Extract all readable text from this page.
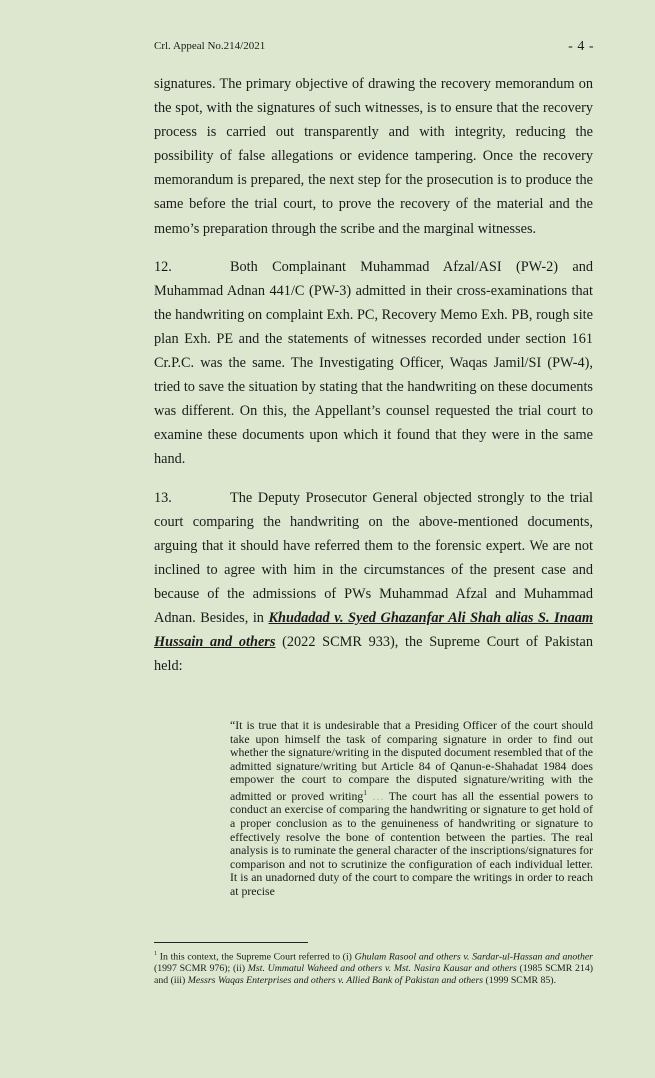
Crl. Appeal No.214/2021	- 4 -

signatures. The primary objective of drawing the recovery memorandum on the spot, with the signatures of such witnesses, is to ensure that the recovery process is carried out transparently and with integrity, reducing the possibility of false allegations or evidence tampering. Once the recovery memorandum is prepared, the next step for the prosecution is to produce the same before the trial court, to prove the recovery of the material and the memo’s preparation through the scribe and the marginal witnesses.

12.	Both Complainant Muhammad Afzal/ASI (PW-2) and Muhammad Adnan 441/C (PW-3) admitted in their cross-examinations that the handwriting on complaint Exh. PC, Recovery Memo Exh. PB, rough site plan Exh. PE and the statements of witnesses recorded under section 161 Cr.P.C. was the same. The Investigating Officer, Waqas Jamil/SI (PW-4), tried to save the situation by stating that the handwriting on these documents was different. On this, the Appellant’s counsel requested the trial court to examine these documents upon which it found that they were in the same hand.

13.	The Deputy Prosecutor General objected strongly to the trial court comparing the handwriting on the above-mentioned documents, arguing that it should have referred them to the forensic expert. We are not inclined to agree with him in the circumstances of the present case and because of the admissions of PWs Muhammad Afzal and Muhammad Adnan. Besides, in Khudadad v. Syed Ghazanfar Ali Shah alias S. Inaam Hussain and others (2022 SCMR 933), the Supreme Court of Pakistan held:

“It is true that it is undesirable that a Presiding Officer of the court should take upon himself the task of comparing signature in order to find out whether the signature/writing in the disputed document resembled that of the admitted signature/writing but Article 84 of Qanun-e-Shahadat 1984 does empower the court to compare the disputed signature/writing with the admitted or proved writing$^1$ … The court has all the essential powers to conduct an exercise of comparing the handwriting or signature to get hold of a proper conclusion as to the genuineness of handwriting or signature to effectively resolve the bone of contention between the parties. The real analysis is to ruminate the general character of the inscriptions/signatures for comparison and not to scrutinize the configuration of each individual letter. It is an unadorned duty of the court to compare the writings in order to reach at precise

$^1$ In this context, the Supreme Court referred to (i) Ghulam Rasool and others v. Sardar-ul-Hassan and another (1997 SCMR 976); (ii) Mst. Ummatul Waheed and others v. Mst. Nasira Kausar and others (1985 SCMR 214) and (iii) Messrs Waqas Enterprises and others v. Allied Bank of Pakistan and others (1999 SCMR 85).
